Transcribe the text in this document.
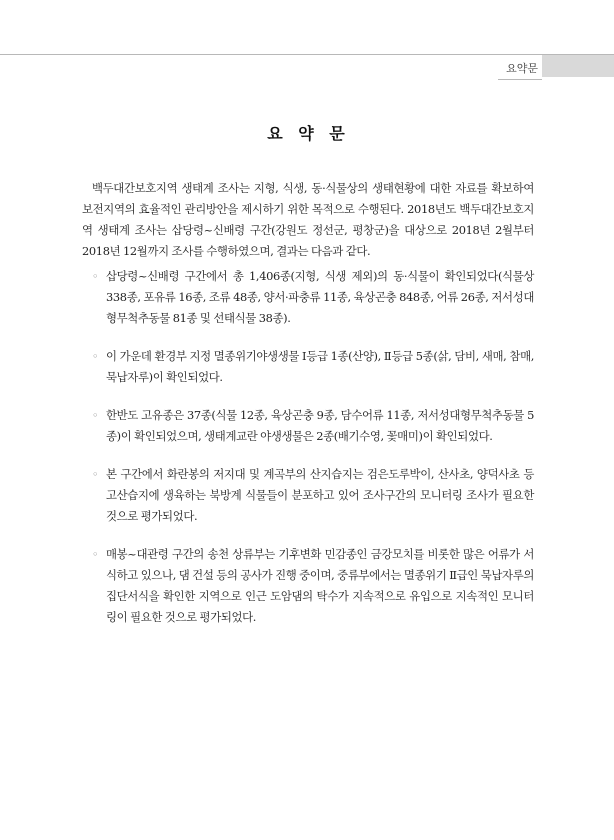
요약문
요 약 문

백두대간보호지역 생태계 조사는 지형, 식생, 동·식물상의 생태현황에 대한 자료를 확보하여 보전지역의 효율적인 관리방안을 제시하기 위한 목적으로 수행된다. 2018년도 백두대간보호지역 생태계 조사는 삽당령~신배령 구간(강원도 정선군, 평창군)을 대상으로 2018년 2월부터 2018년 12월까지 조사를 수행하였으며, 결과는 다음과 같다.

◦ 삽당령~신배령 구간에서 총 1,406종(지형, 식생 제외)의 동·식물이 확인되었다(식물상 338종, 포유류 16종, 조류 48종, 양서·파충류 11종, 육상곤충 848종, 어류 26종, 저서성대형무척추동물 81종 및 선태식물 38종).
◦ 이 가운데 환경부 지정 멸종위기야생생물 Ⅰ등급 1종(산양), Ⅱ등급 5종(삵, 담비, 새매, 참매, 묵납자루)이 확인되었다.
◦ 한반도 고유종은 37종(식물 12종, 육상곤충 9종, 담수어류 11종, 저서성대형무척추동물 5종)이 확인되었으며, 생태계교란 야생생물은 2종(배기수영, 꽃매미)이 확인되었다.
◦ 본 구간에서 화란봉의 저지대 및 계곡부의 산지습지는 검은도루박이, 산사초, 양덕사초 등 고산습지에 생육하는 북방계 식물들이 분포하고 있어 조사구간의 모니터링 조사가 필요한 것으로 평가되었다.
◦ 매봉~대관령 구간의 송천 상류부는 기후변화 민감종인 금강모치를 비롯한 많은 어류가 서식하고 있으나, 댐 건설 등의 공사가 진행 중이며, 중류부에서는 멸종위기 Ⅱ급인 묵납자루의 집단서식을 확인한 지역으로 인근 도암댐의 탁수가 지속적으로 유입으로 지속적인 모니터링이 필요한 것으로 평가되었다.
